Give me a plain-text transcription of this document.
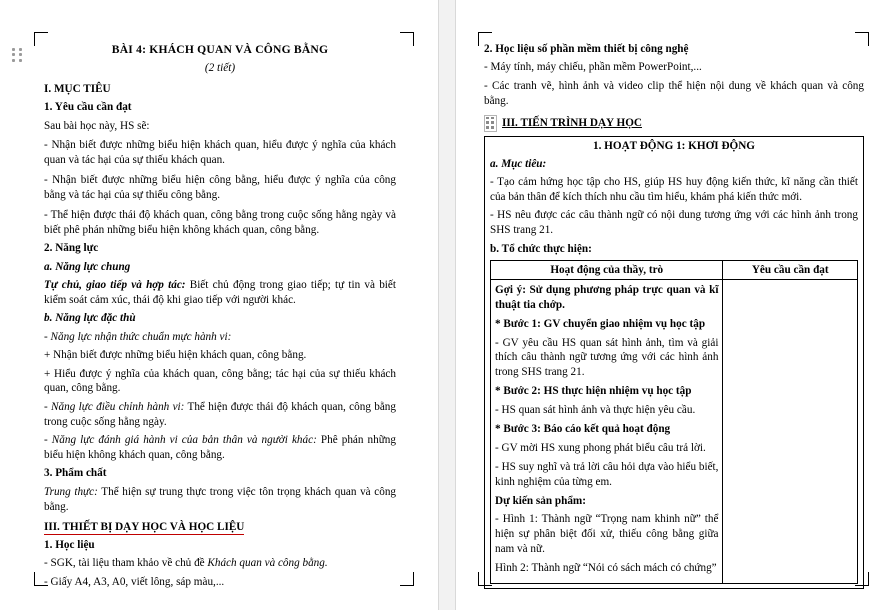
BÀI 4: KHÁCH QUAN VÀ CÔNG BẰNG

(2 tiết)

I. MỤC TIÊU

1. Yêu cầu cần đạt

Sau bài học này, HS sẽ:

- Nhận biết được những biểu hiện khách quan, hiểu được ý nghĩa của khách quan và tác hại của sự thiếu khách quan.

- Nhận biết được những biểu hiện công bằng, hiểu được ý nghĩa của công bằng và tác hại của sự thiếu công bằng.

- Thể hiện được thái độ khách quan, công bằng trong cuộc sống hằng ngày và biết phê phán những biểu hiện không khách quan, công bằng.

2. Năng lực

a. Năng lực chung

Tự chủ, giao tiếp và hợp tác: Biết chủ động trong giao tiếp; tự tin và biết kiểm soát cảm xúc, thái độ khi giao tiếp với người khác.

b. Năng lực đặc thù

- Năng lực nhận thức chuẩn mực hành vi:

+ Nhận biết được những biểu hiện khách quan, công bằng.

+ Hiểu được ý nghĩa của khách quan, công bằng; tác hại của sự thiếu khách quan, công bằng.

- Năng lực điều chỉnh hành vi: Thể hiện được thái độ khách quan, công bằng trong cuộc sống hằng ngày.

- Năng lực đánh giá hành vi của bản thân và người khác: Phê phán những biểu hiện không khách quan, công bằng.

3. Phẩm chất

Trung thực: Thể hiện sự trung thực trong việc tôn trọng khách quan và công bằng.

III. THIẾT BỊ DẠY HỌC VÀ HỌC LIỆU

1. Học liệu

- SGK, tài liệu tham khảo về chủ đề Khách quan và công bằng.

- Giấy A4, A3, A0, viết lông, sáp màu,...

2. Học liệu số phần mềm thiết bị công nghệ

- Máy tính, máy chiếu, phần mềm PowerPoint,...

- Các tranh vẽ, hình ảnh và video clip thể hiện nội dung về khách quan và công bằng.

III. TIẾN TRÌNH DẠY HỌC
1. HOẠT ĐỘNG 1: KHƠI ĐỘNG

a. Mục tiêu:

- Tạo cảm hứng học tập cho HS, giúp HS huy động kiến thức, kĩ năng cần thiết của bản thân để kích thích nhu cầu tìm hiểu, khám phá kiến thức mới.

- HS nêu được các câu thành ngữ có nội dung tương ứng với các hình ảnh trong SHS trang 21.

b. Tổ chức thực hiện:

Hoạt động của thầy, trò	Yêu cầu cần đạt

Gợi ý: Sử dụng phương pháp trực quan và kĩ thuật tia chớp.

* Bước 1: GV chuyển giao nhiệm vụ học tập

- GV yêu cầu HS quan sát hình ảnh, tìm và giải thích câu thành ngữ tương ứng với các hình ảnh trong SHS trang 21.

* Bước 2: HS thực hiện nhiệm vụ học tập

- HS quan sát hình ảnh và thực hiện yêu cầu.

* Bước 3: Báo cáo kết quả hoạt động

- GV mời HS xung phong phát biểu câu trả lời.

- HS suy nghĩ và trả lời câu hỏi dựa vào hiểu biết, kinh nghiệm của từng em.

Dự kiến sản phẩm:

- Hình 1: Thành ngữ “Trọng nam khinh nữ” thể hiện sự phân biệt đối xử, thiếu công bằng giữa nam và nữ.

Hình 2: Thành ngữ “Nói có sách mách có chứng”
